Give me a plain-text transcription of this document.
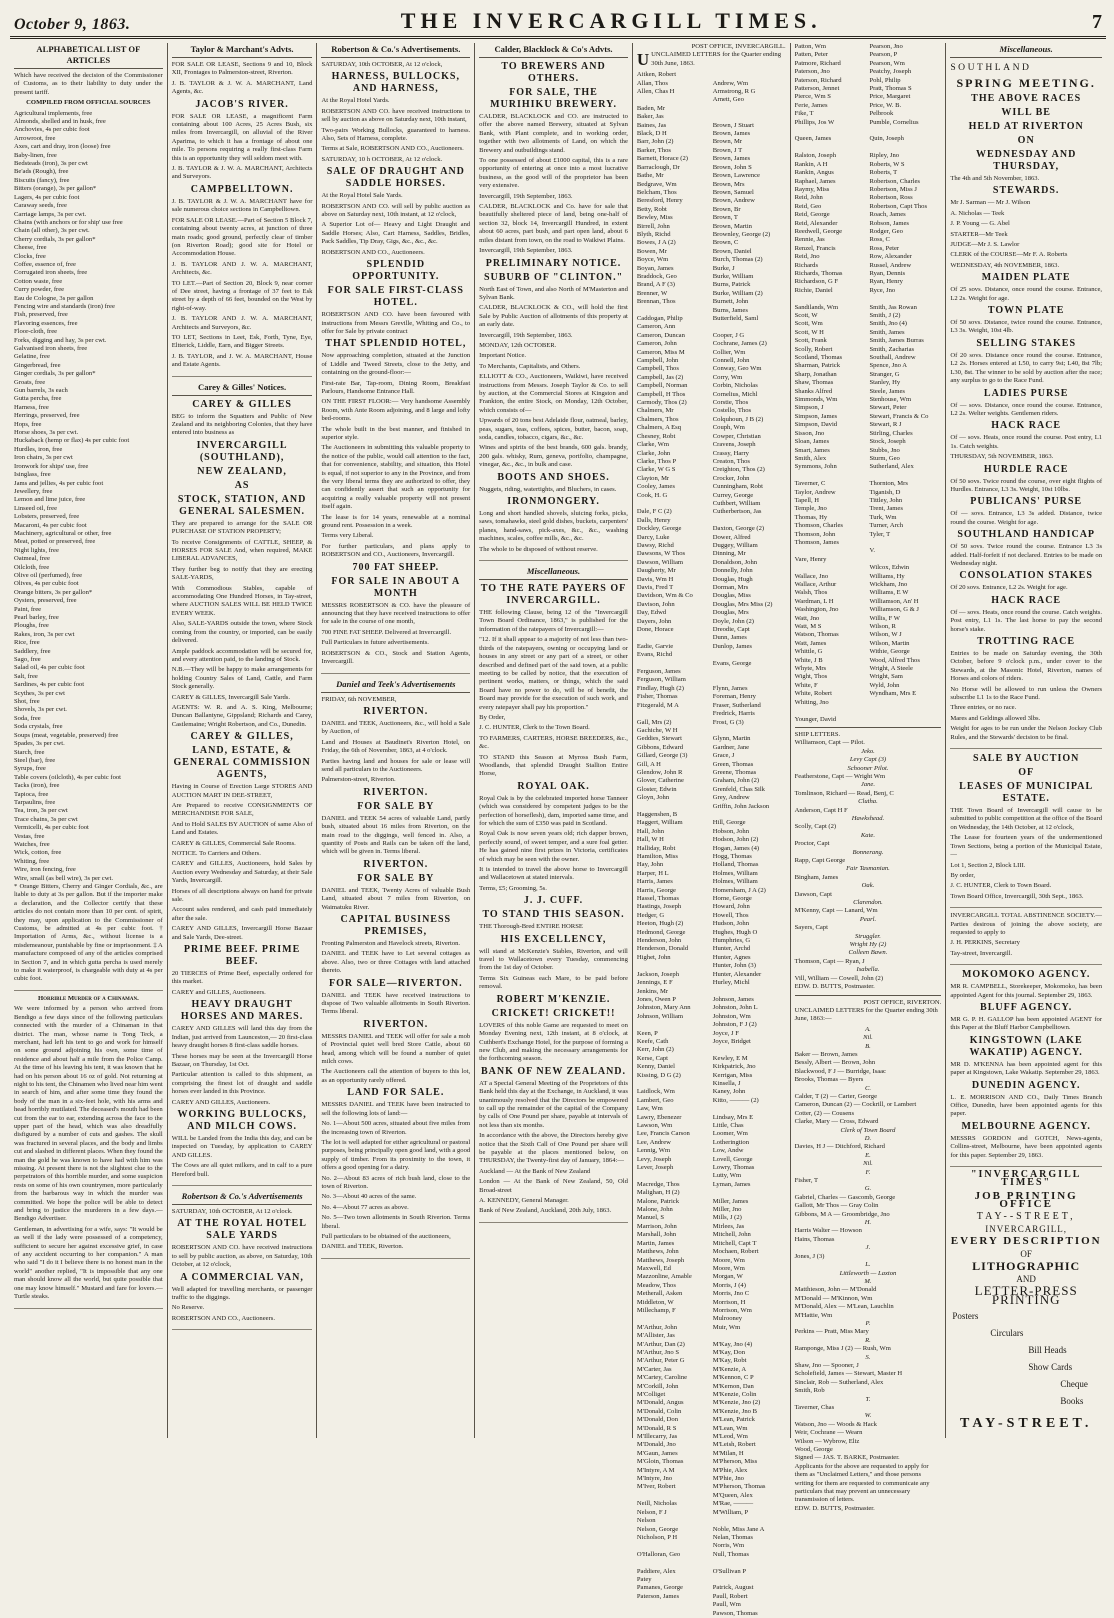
October 9, 1863.	THE INVERCARGILL TIMES.	7
ALPHABETICAL LIST OF ARTICLES

Which have received the decision of the Commissioner of Customs, as to their liability to duty under the present tariff.

COMPILED FROM OFFICIAL SOURCES

Agricultural implements, free

Almonds, shelled and in husk, free

Anchovies, 4s per cubic foot

Arrowroot, free

Axes, cart and dray, iron (loose) free

Baby-linen, free

Bedsteads (iron), 3s per cwt

Be'ads (Rough), free

Biscuits (fancy), free

Bitters (orange), 3s per gallon*

Lagers, 4s per cubic foot

Caraway seeds, free

Carriage lamps, 3s per cwt.

Chains (with anchors or for ship' use free

Chain (all other), 3s per cwt.

Cherry cordials, 3s per gallon*

Cheese, free

Clocks, free

Coffee, essence of, free

Corrugated iron sheets, free

Cotton waste, free

Curry powder, free

Eau de Cologne, 3s per gallon

Fencing wire and standards (iron) free

Fish, preserved, free

Flavoring essences, free

Floor-cloth, free

Forks, digging and hay, 3s per cwt.

Galvanised iron sheets, free

Gelatine, free

Gingerbread, free

Ginger cordials, 3s per gallon*

Groats, free

Gun barrels, 3s each

Gutta percha, free

Harness, free

Herrings, preserved, free

Hops, free

Horse shoes, 3s per cwt.

Huckaback (hemp or flax) 4s per cubic foot

Hurdles, iron, free

Iron chairs, 3s per cwt

Ironwork for ships' use, free

Isinglass, free

Jams and jellies, 4s per cubic foot

Jewellery, free

Lemon and lime juice, free

Linseed oil, free

Lobsters, preserved, free

Macaroni, 4s per cubic foot

Machinery, agricultural or other, free

Meat, potted or preserved, free

Night lights, free

Oatmeal, free

Oilcloth, free

Olive oil (perfumed), free

Olives, 4s per cubic foot

Orange bitters, 3s per gallon*

Oysters, preserved, free

Paint, free

Pearl barley, free

Ploughs, free

Rakes, iron, 3s per cwt

Rice, free

Saddlery, free

Sago, free

Salad oil, 4s per cubic foot

Salt, free

Sardines, 4s per cubic foot

Scythes, 3s per cwt

Shot, free

Shovels, 3s per cwt.

Soda, free

Soda crystals, free

Soups (meat, vegetable, preserved) free

Spades, 3s per cwt.

Starch, free

Steel (bar), free

Syrups, free

Table covers (oilcloth), 4s per cubic foot

Tacks (iron), free

Tapioca, free

Tarpaulins, free

Tea, iron, 3s per cwt

Trace chains, 3s per cwt

Vermicelli, 4s per cubic foot

Vestas, free

Watches, free

Wick, cotton, free

Whiting, free

Wire, iron fencing, free

Wire, small (as bell wire), 3s per cwt.

* Orange Bitters, Cherry and Ginger Cordials, &c., are liable to duty at 3s per gallon. But if the importer make a declaration, and the Collector certify that these articles do not contain more than 10 per cent. of spirit, they may, upon application to the Commissioner of Customs, be admitted at 4s per cubic foot. † Importation of Arms, &c., without license is a misdemeanour, punishable by fine or imprisonment. ‡ A manufacture composed of any of the articles comprised in Section 7, and in which gutta percha is used merely to make it waterproof, is chargeable with duty at 4s per cubic foot.

Horrible Murder of a Chinaman.

We were informed by a person who arrived from Bendigo a few days since of the following particulars connected with the murder of a Chinaman in that district. The man, whose name is Tong Teck, a merchant, had left his tent to go and work for himself on some ground adjoining his own, some time of residence and about half a mile from the Police Camp. At the time of his leaving his tent, it was known that he had on his person about 16 oz of gold. Not returning at night to his tent, the Chinamen who lived near him went in search of him, and after some time they found the body of the man in a six-feet hole, with his arms and head horribly mutilated. The deceased's mouth had been cut from the ear to ear, extending across the face to the upper part of the head, which was also dreadfully disfigured by a number of cuts and gashes. The skull was fractured in several places, and the body and limbs cut and slashed in different places. When they found the man the gold he was known to have had with him was missing. At present there is not the slightest clue to the perpetrators of this horrible murder, and some suspicion rests on some of his own countrymen, more particularly from the barbarous way in which the murder was committed. We hope the police will be able to detect and bring to justice the murderers in a few days.—Bendigo Advertiser.

Gentleman, in advertising for a wife, says: "It would be as well if the lady were possessed of a competency, sufficient to secure her against excessive grief, in case of any accident occurring to her companion." A man who said "I do it I believe there is no honest man in the world" another replied, "It is impossible that any one man should know all the world, but quite possible that one may know himself." Mustard and fare for lovers.—Turtle steaks.

Taylor & Marchant's Advts.

FOR SALE OR LEASE, Sections 9 and 10, Block XII, Frontages to Palmerston-street, Riverton.

J. B. TAYLOR & J. W. A. MARCHANT, Land Agents, &c.

JACOB'S RIVER.

FOR SALE OR LEASE, a magnificent Farm containing about 100 Acres, 25 Acres Bush, six miles from Invercargill, on alluvial of the River Aparima, to which it has a frontage of about one mile. To persons requiring a really first-class Farm this is an opportunity they will seldom meet with.

J. B. TAYLOR & J. W. A. MARCHANT, Architects and Surveyors.

CAMPBELLTOWN.

J. B. TAYLOR & J. W. A. MARCHANT have for sale numerous choice sections in Campbelltown.

FOR SALE OR LEASE.—Part of Section 5 Block 7, containing about twenty acres, at junction of three main roads; good ground, perfectly clear of timber (on Riverton Road); good site for Hotel or Accommodation House.

J. B. TAYLOR AND J. W. A. MARCHANT, Architects, &c.

TO LET.—Part of Section 20, Block 9, near corner of Dee street, having a frontage of 37 feet to Esk street by a depth of 66 feet, bounded on the West by right-of-way.

J. B. TAYLOR AND J. W. A. MARCHANT, Architects and Surveyors, &c.

TO LET, Sections in Leet, Esk, Forth, Tyne, Eye, Eltterick, Liddle, Earn, and Bigger Streets.

J. B. TAYLOR, and J. W. A. MARCHANT, House and Estate Agents.

Carey & Gilles' Notices.

CAREY & GILLES

BEG to inform the Squatters and Public of New Zealand and its neighboring Colonies, that they have entered into business as

INVERCARGILL (SOUTHLAND),

NEW ZEALAND,

AS

STOCK, STATION, AND GENERAL SALESMEN.

They are prepared to arrange for the SALE OR PURCHASE OF STATION PROPERTY;

To receive Consignments of CATTLE, SHEEP, & HORSES FOR SALE And, when required, MAKE LIBERAL ADVANCES,

They further beg to notify that they are erecting SALE-YARDS,

With Commodious Stables, capable of accommodating One Hundred Horses, in Tay-street, where AUCTION SALES WILL BE HELD TWICE EVERY WEEK.

Also, SALE-YARDS outside the town, where Stock coming from the country, or imported, can be easily delivered.

Ample paddock accommodation will be secured for, and every attention paid, to the landing of Stock.

N.B.—They will be happy to make arrangements for holding Country Sales of Land, Cattle, and Farm Stock generally.

CAREY & GILLES, Invercargill Sale Yards.

AGENTS: W. R. and A. S. King, Melbourne; Duncan Ballantyne, Gippsland; Richards and Carey, Castlemaine; Wright Robertson, and Co., Dunedin.

CAREY & GILLES,

LAND, ESTATE, & GENERAL COMMISSION AGENTS,

Having in Course of Erection Large STORES AND AUCTION MART IN DEE-STREET,

Are Prepared to receive CONSIGNMENTS OF MERCHANDISE FOR SALE,

And to Hold SALES BY AUCTION of same Also of Land and Estates.

CAREY & GILLES, Commercial Sale Rooms.

NOTICE. To Carriers and Others.

CAREY and GILLES, Auctioneers, hold Sales by Auction every Wednesday and Saturday, at their Sale Yards, Invercargill.

Horses of all descriptions always on hand for private sale.

Account sales rendered, and cash paid immediately after the sale.

CAREY AND GILLES, Invercargill Horse Bazaar and Sale Yards, Dee-street.

PRIME BEEF. PRIME BEEF.

20 TIERCES of Prime Beef, especially ordered for this market.

CAREY and GILLES, Auctioneers.

HEAVY DRAUGHT HORSES AND MARES.

CAREY AND GILLES will land this day from the Indian, just arrived from Launceston,— 20 first-class heavy draught horses 8 first-class saddle horses.

These horses may be seen at the Invercargill Horse Bazaar, on Thursday, 1st Oct.

Particular attention is called to this shipment, as comprising the finest lot of draught and saddle horses ever landed in this Province.

CAREY AND GILLES, Auctioneers.

WORKING BULLOCKS, AND MILCH COWS.

WILL be Landed from the India this day, and can be inspected on Tuesday, by application to CAREY AND GILLES.

The Cows are all quiet milkers, and in calf to a pure Hereford bull.

Robertson & Co.'s Advertisements

SATURDAY, 10th OCTOBER, At 12 o'clock.

AT THE ROYAL HOTEL SALE YARDS

ROBERTSON AND CO. have received instructions to sell by public auction, as above, on Saturday, 10th October, at 12 o'clock,

A COMMERCIAL VAN,

Well adapted for travelling merchants, or passenger traffic to the diggings.

No Reserve.

ROBERTSON AND CO., Auctioneers.

Robertson & Co.'s Advertisements.

SATURDAY, 10th OCTOBER, At 12 o'clock,

HARNESS, BULLOCKS, AND HARNESS,

At the Royal Hotel Yards.

ROBERTSON AND CO. have received instructions to sell by auction as above on Saturday next, 10th instant,

Two-pairs Working Bullocks, guaranteed to harness. Also, Sets of Harness, complete.

Terms at Sale, ROBERTSON AND CO., Auctioneers.

SATURDAY, 10 h OCTOBER, At 12 o'clock.

SALE OF DRAUGHT AND SADDLE HORSES.

At the Royal Hotel Sale Yards.

ROBERTSON AND CO. will sell by public auction as above on Saturday next, 10th instant, at 12 o'clock,

A Superior Lot of— Heavy and Light Draught and Saddle Horses; Also, Cart Harness, Saddles, Bridles, Pack Saddles, Tip Dray, Gigs, &c., &c., &c.

ROBERTSON AND CO., Auctioneers.

SPLENDID OPPORTUNITY.

FOR SALE FIRST-CLASS HOTEL.

ROBERTSON AND CO. have been favoured with instructions from Messrs Greville, Whiting and Co., to offer for Sale by private contract

THAT SPLENDID HOTEL,

Now approaching completion, situated at the Junction of Liddle and Tweed Streets, close to the Jetty, and containing on the ground-floor:—

First-rate Bar, Tap-room, Dining Room, Breakfast Parlours, Handsome Entrance Hall.

ON THE FIRST FLOOR:— Very handsome Assembly Room, with Ante Room adjoining, and 8 large and lofty bed-rooms.

The whole built in the best manner, and finished in superior style.

The Auctioneers in submitting this valuable property to the notice of the public, would call attention to the fact, that for convenience, stability, and situation, this Hotel is equal, if not superior to any in the Province, and from the very liberal terms they are authorized to offer, they can confidently assert that such an opportunity for acquiring a really valuable property will not present itself again.

The lease is for 14 years, renewable at a nominal ground rent. Possession in a week.

Terms very Liberal.

For further particulars, and plans apply to ROBERTSON and CO., Auctioneers, Invercargill.

700 FAT SHEEP.

FOR SALE IN ABOUT A MONTH

MESSRS ROBERTSON & CO. have the pleasure of announcing that they have received instructions to offer for sale in the course of one month,

700 FINE FAT SHEEP. Delivered at Invercargill.

Full Particulars in future advertisements.

ROBERTSON & CO., Stock and Station Agents, Invercargill.

Daniel and Teek's Advertisements

FRIDAY, 6th NOVEMBER,

RIVERTON.

DANIEL and TEEK, Auctioneers, &c., will hold a Sale by Auction, of

Land and Houses at Baudinet's Riverton Hotel, on Friday, the 6th of November, 1863, at 4 o'clock.

Parties having land and houses for sale or lease will send all particulars to the Auctioneers.

Palmerston-street, Riverton.

RIVERTON.

FOR SALE BY

DANIEL and TEEK 54 acres of valuable Land, partly bush, situated about 16 miles from Riverton, on the main road to the diggings, well fenced in. Also, a quantity of Posts and Rails can be taken off the land, which will be given in. Terms liberal.

RIVERTON.

FOR SALE BY

DANIEL and TEEK, Twenty Acres of valuable Bush Land, situated about 7 miles from Riverton, on Waimatuku River.

CAPITAL BUSINESS PREMISES,

Fronting Palmerston and Havelock streets, Riverton.

DANIEL and TEEK have to Let several cottages as above. Also, two or three Cottages with land attached thereto.

FOR SALE—RIVERTON.

DANIEL and TEEK have received instructions to dispose of Two valuable allotments in South Riverton. Terms liberal.

RIVERTON.

MESSRS DANIEL and TEEK will offer for sale a mob of Provincial quiet well bred Store Cattle, about 60 head, among which will be found a number of quiet milch cows.

The Auctioneers call the attention of buyers to this lot, as an opportunity rarely offered.

LAND FOR SALE.

MESSRS DANIEL and TEEK have been instructed to sell the following lots of land:—

No. 1—About 500 acres, situated about five miles from the increasing town of Riverton.

The lot is well adapted for either agricultural or pastoral purposes, being principally open good land, with a good supply of timber. From its proximity to the town, it offers a good opening for a dairy.

No. 2—About 83 acres of rich bush land, close to the town of Riverton.

No. 3—About 40 acres of the same.

No. 4—About 77 acres as above.

No. 5—Two town allotments in South Riverton. Terms liberal.

Full particulars to be obtained of the auctioneers,

DANIEL and TEEK, Riverton.

Calder, Blacklock & Co's Advts.

TO BREWERS AND OTHERS.

FOR SALE, THE MURIHIKU BREWERY.

CALDER, BLACKLOCK and CO. are instructed to offer the above named Brewery, situated at Sylvan Bank, with Plant complete, and in working order, together with two allotments of Land, on which the Brewery and outbuildings stand.

To one possessed of about £1000 capital, this is a rare opportunity of entering at once into a most lucrative business, as the good will of the proprietor has been very extensive.

Invercargill, 19th September, 1863.

CALDER, BLACKLOCK and Co. have for sale that beautifully sheltered piece of land, being one-half of section 32, block 14, Invercargill Hundred, in extent about 60 acres, part bush, and part open land, about 6 miles distant from town, on the road to Waikiwi Plains.

Invercargill, 19th September, 1863.

PRELIMINARY NOTICE.

SUBURB OF "CLINTON."

North East of Town, and also North of M'Masterton and Sylvan Bank.

CALDER, BLACKLOCK & CO., will hold the first Sale by Public Auction of allotments of this property at an early date.

Invercargill, 19th September, 1863.

MONDAY, 12th OCTOBER.

Important Notice.

To Merchants, Capitalists, and Others.

ELLIOTT & CO., Auctioneers, Waikiwi, have received instructions from Messrs. Joseph Taylor & Co. to sell by auction, at the Commercial Stores at Kingston and Frankton, the entire Stock, on Monday, 12th October, which consists of—

Upwards of 20 tons best Adelaide flour, oatmeal, barley, peas, sugars, teas, coffees, spices, butter, bacon, soap, soda, candles, tobacco, cigars, &c., &c.

Wines and spirits of the best brands, 600 gals. brandy, 200 gals. whisky, Rum, geneva, portfolio, champagne, vinegar, &c., &c., in bulk and case.

BOOTS AND SHOES.

Nuggets, riding, watertights, and Bluchers, in cases.

IRONMONGERY.

Long and short handled shovels, sluicing forks, picks, saws, tomahawks, steel gold dishes, buckets, carpenters' planes, hand-saws, pick-axes, &c., &c., washing machines, scales, coffee mills, &c., &c.

The whole to be disposed of without reserve.

Miscellaneous.

TO THE RATE PAYERS OF INVERCARGILL.

THE following Clause, being 12 of the "Invercargill Town Board Ordinance, 1863," is published for the information of the ratepayers of Invercargill:—

"12. If it shall appear to a majority of not less than two-thirds of the ratepayers, owning or occupying land or houses in any street or any part of a street, or other described and defined part of the said town, at a public meeting to be called by notice, that the execution of pertinent works, matters, or things, which the said Board have no power to do, will be of benefit, the Board may provide for the execution of such work, and every ratepayer shall pay his proportion."

By Order,

J. C. HUNTER, Clerk to the Town Board.

TO FARMERS, CARTERS, HORSE BREEDERS, &c., &c.

TO STAND this Season at Myross Bush Farm, Woodlands, that splendid Draught Stallion Entire Horse,

ROYAL OAK.

Royal Oak is by the celebrated imported horse Tanneer (which was considered by competent judges to be the perfection of horseflesh), dam, imported same time, and for which the sum of £350 was paid in Scotland.

Royal Oak is now seven years old; rich dapper brown, perfectly sound, of sweet temper, and a sure foal getter. He has gained nine first prizes in Victoria, certificates of which may be seen with the owner.

It is intended to travel the above horse to Invercargill and Wallacetown at stated intervals.

Terms, £5; Grooming, 5s.

J. J. CUFF.

TO STAND THIS SEASON.

THE Thorough-Bred ENTIRE HORSE

HIS EXCELLENCY,

will stand at McKenzie's Stables, Riverton, and will travel to Wallacetown every Tuesday, commencing from the 1st day of October.

Terms Six Guineas each Mare, to be paid before removal.

ROBERT M'KENZIE.

CRICKET! CRICKET!!

LOVERS of this noble Game are requested to meet on Monday Evening next, 12th instant, at 8 o'clock, at Cuthbert's Exchange Hotel, for the purpose of forming a new Club, and making the necessary arrangements for the forthcoming season.

BANK OF NEW ZEALAND.

AT a Special General Meeting of the Proprietors of this Bank held this day at the Exchange, in Auckland, it was unanimously resolved that the Directors be empowered to call up the remainder of the capital of the Company by calls of One Pound per share, payable at intervals of not less than six months.

In accordance with the above, the Directors hereby give notice that the Sixth Call of One Pound per share will be payable at the places mentioned below, on THURSDAY, the Twenty-first day of January, 1864:—

Auckland — At the Bank of New Zealand

London — At the Bank of New Zealand, 50, Old Broad-street

A. KENNEDY, General Manager.

Bank of New Zealand, Auckland, 20th July, 1863.

POST OFFICE, INVERCARGILL.

UUNCLAIMED LETTERS for the Quarter ending 30th June, 1863.

Aitken, Robert

Allan, Thos

Allen, Chas H

Baden, Mr

Baker, Jas

Baines, Jas

Black, D H

Barr, John (2)

Barker, Thos

Barnett, Horace (2)

Barraclough, Dr

Bathe, Mr

Bedgrave, Wm

Belcham, Thos

Beresford, Henry

Betty, Robt

Bewley, Miss

Birrell, John

Blyth, Richd

Bowes, J A (2)

Bowen, Mr

Boyce, Wm

Boyan, James

Braddock, Geo

Brand, A F (3)

Brenner, W

Brennan, Thos

Caddogan, Philip

Cameron, Ann

Cameron, Duncan

Cameron, John

Cameron, Miss M

Campbell, John

Campbell, Thos

Campbell, Jas (2)

Campbell, Norman

Campbell, H Thos

Carmody, Thos (2)

Chalmers, Mr

Chalmers, Thos

Chalmers, A Esq

Chesney, Robt

Clarke, Wm

Clarke, John

Clarke, Thos P

Clarke, W G S

Clayton, Mr

Cooley, James

Cook, H. G

Dale, F C (2)

Dalls, Henry

Dockley, George

Darcy, Luke

Dawsy, Richd

Dawsons, W Thos

Dawson, William

Daugherty, Mr

Davis, Wm H

Davis, Fred T

Davidson, Wm & Co

Davison, John

Day, Edwd

Dayers, John

Done, Horace

Eadie, Garvie

Evans, Richd

Ferguson, James

Ferguson, William

Findlay, Hugh (2)

Fisher, Thomas

Fitzgerald, M A

Gall, Mrs (2)

Gachiche, W H

Geddies, Stewart

Gibbons, Edward

Gillard, George (3)

Gill, A H

Glendow, John R

Glover, Catherine

Gloster, Edwin

Gloyn, John

Haggenshen, B

Haggert, William

Hall, John

Hall, W H

Halliday, Robt

Hamilton, Miss

Hay, John

Harper, H L

Harris, James

Harris, George

Hassel, Thomas

Hastings, Joseph

Hedger, G

Heeton, Hugh (2)

Hedmond, George

Henderson, John

Henderson, Donald

Highet, John

Jackson, Joseph

Jennings, E F

Jenkins, Mr

Jones, Owen P

Johnston, Mary Ann

Johnson, William

Keen, P

Keefe, Cath

Kerr, John (2)

Kerse, Capt

Kenny, Daniel

Kissing, D G (2)

Laidlock, Wm

Lambert, Geo

Law, Wm

Lawry, Ebenezer

Lawson, Wm

Lee, Francis Carson

Lee, Andrew

Lennig, Wm

Levy, Joseph

Lever, Joseph

Macredge, Thos

Malighan, H (2)

Malone, Patrick

Malone, John

Manuel, S

Marrison, John

Marshall, John

Martin, James

Matthews, John

Matthews, Joseph

Maxwell, Ed

Mazzonline, Amable

Meadow, Thos

Metherall, Asken

Middleton, W

Millechamp, F

M'Arthur, John

M'Allister, Jas

M'Arthur, Dan (2)

M'Arthur, Jno S

M'Arthur, Peter G

M'Carter, Jas

M'Cartey, Caroline

M'Corkill, John

M'Colliget

M'Donald, Angus

M'Donald, Colin

M'Donald, Don

M'Donald, R S

M'Illecarry, Jas

M'Donald, Jno

M'Gaun, James

M'Gloin, Thomas

M'Intyre, A M

M'Intyre, Jno

M'Iver, Robert

Neill, Nicholas

Nelson, F J

Nelson

Nelson, George

Nicholson, P H

O'Halloran, Geo

Paddiere, Alex

Patey

Pamanes, George

Paterson, James

Andrew, Wm

Armstrong, R G

Arnett, Geo

Brown, J Stuart

Brown, James

Brown, Mr

Brown, J T

Brown, James

Brown, John S

Brown, Lawrence

Brown, Mrs

Brown, Samuel

Brown, Andrew

Brown, Br

Brown, T

Brown, Martin

Brownley, George (2)

Brown, C

Brown, Daniel

Burch, Thomas (2)

Burke, J

Burke, William

Burns, Patrick

Burke, William (2)

Burnett, John

Burns, James

Butterfield, Saml

Cooper, J G

Cochrane, James (2)

Collier, Wm

Connell, John

Conway, Geo Wm

Corry, Wm

Corbin, Nicholas

Cornelius, Michl

Corstie, Thos

Costello, Thos

Colquhoun, J B (2)

Couph, Wm

Cowper, Christian

Cravens, Joseph

Crassy, Harry

Creaton, Thos

Creighton, Thos (2)

Crocker, John

Cunningham, Robt

Currey, George

Cuthbert, William

Cutherbertson, Jas

Daxton, George (2)

Dower, Alfred

Duggey, William

Dinning, Mr

Donaldson, John

Donnelly, John

Douglas, Hugh

Dorman, Mrs

Douglas, Miss

Douglas, Mrs Miss (2)

Douglas, Mrs

Doyle, John (2)

Dreodie, Capt

Dunn, James

Dunlop, James

Evans, George

Flynn, James

Foreman, Henry

Fraser, Sutherland

Fredrick, Harris

Frost, G (3)

Glynn, Martin

Gardner, Jane

Grace, J

Green, Thomas

Greene, Thomas

Graham, John (2)

Grenfeld, Chas Silk

Grey, Andrew

Griffin, John Jackson

Hill, George

Hobson, John

Hodson, John (2)

Hogan, James (4)

Hogg, Thomas

Holland, Thomas

Holmes, William

Holmes, William

Homersham, J A (2)

Horne, George

Howard, John

Howell, Thos

Hudson, John

Hughes, Hugh O

Humphries, G

Hunter, Archd

Hunter, Agnes

Hunter, John (3)

Hunter, Alexander

Hurley, Michl

Johnson, James

Johnston, John L

Johnston, Wm

Johnston, F J (2)

Joyce, J F

Joyce, Bridget

Kewley, E M

Kirkpatrick, Jno

Kerrigan, Miss

Kinsella, J

Kaney, John

Kitto, ——— (2)

Lindsay, Mrs E

Little, Chas

Loomer, Wm

Lotheringtion

Low, Andw

Lovell, George

Lowry, Thomas

Lutty, Wm

Lyman, James

Miller, James

Miller, Jno

Mills, J (2)

Mirlees, Jas

Mitchell, John

Mitchell, Capt T

Mochaen, Robert

Moore, Wm

Moore, Wm

Morgan, W

Morris, J (4)

Morris, Jno C

Morrison, H

Morrison, Wm

Mulrooney

Muir, Wm

M'Kay, Jno (4)

M'Kay, Don

M'Kay, Robt

M'Kenzie, A

M'Kennon, C P

M'Kernon, Dan

M'Kenzie, Colin

M'Kenzie, Jno (2)

M'Kenzie, Jno B

M'Lean, Patrick

M'Lean, Wm

M'Leod, Wm

M'Leish, Robert

M'Milan, H

M'Pherson, Miss

M'Phie, Alex

M'Phie, Jno

M'Pherson, Thomas

M'Queen, Alex

M'Rae, ———

M'William, P

Noble, Miss Jane A

Nelan, Thomas

Norris, Wm

Null, Thomas

O'Sullivan P

Patrick, August

Paull, Robert

Paull, Wm

Pawson, Thomas

Patton, Wm

Patten, Peter

Patmore, Richard

Paterson, Jno

Paterson, Richard

Patterson, Jennet

Pierce, Wm S

Ferie, James

Fike, T

Phillips, Jos W

Queen, James

Ralston, Joseph

Rankin, A H

Rankin, Angus

Raphael, James

Raymy, Miss

Reid, John

Reid, Geo

Reid, George

Reid, Alexander

Reedwell, George

Rennie, Jas

Renzel, Francis

Reid, Jno

Richards

Richards, Thomas

Richardson, G F

Richie, Daniel

Sandilands, Wm

Scott, W

Scott, Wm

Scott, W H

Scott, Frank

Scolly, Robert

Scotland, Thomas

Sharman, Patrick

Sharp, Jonathan

Shaw, Thomas

Shanks Alfred

Simmonds, Wm

Simpson, J

Simpson, James

Simpson, David

Sisson, Jno

Sloan, James

Smart, James

Smith, Alex

Symmons, John

Taverner, C

Taylor, Andrew

Tapell, H

Temple, Jno

Thomas, Hy

Thomson, Charles

Thomson, John

Thomson, James

Vare, Henry

Wallace, Jno

Wallace, Arthur

Walsh, Thos

Wardman, L H

Washington, Jno

Watt, Jno

Watt, M S

Watson, Thomas

Watt, James

Whittle, G

White, J B

Whyte, Mrs

Wight, Thos

White, F

White, Robert

Whiting, Jno

Younger, David

Pearson, Jno

Pearson, P

Pearson, Wm

Peatchy, Joseph

Pohl, Philip

Pratt, Thomas S

Price, Margaret

Price, W. B.

Pelbrook

Pumble, Cornelius

Quin, Joseph

Ripley, Jno

Roberts, W S

Roberts, T

Robertson, Charles

Robertson, Miss J

Robertson, Ross

Robertson, Capt Thos

Roach, James

Robson, James

Rodger, Geo

Ross, C

Ross, Peter

Row, Alexander

Russel, Andrew

Ryan, Dennis

Ryan, Henry

Ryce, Jno

Smith, Jas Rowan

Smith, J (2)

Smith, Jno (4)

Smith, James

Smith, James Burras

Smith, Zacharias

Southall, Andrew

Spence, Jno A

Stranger, G

Stanley, Hy

Steele, James

Stenhouse, Wm

Stewart, Peter

Stewart, Francis & Co

Stewart, R J

Stirling, Charles

Stock, Joseph

Stubbs, Jno

Sturm, Geo

Sutherland, Alex

Thornton, Mrs

Tiganish, D

Tittley, John

Trent, James

Turk, Wm

Turner, Arch

Tyler, T

V.

Wilcox, Edwin

Williams, Hy

Wickham, Jno

Williams, E W

Williamson, An' H

Williamson, G & J

Willis, F W

Wilson, R

Wilson, W J

Wilson, Martin

Withie, George

Wood, Alfred Thos

Wright, A Steele

Wright, Sam

Wyld, John

Wyndham, Mrs E

SHIP LETTERS.

Williamson, Capt — Pilot.

Jeko.

Levy Capt (3)

Schooner Pilot.

Featherstone, Capt — Wright Wm

Jane.

Tomlinson, Richard — Read, Benj, C

Clutha.

Anderson, Capt H F

Hawkshead.

Scolly, Capt (2)

Kate.

Proctor, Capt

Bonnerang.

Rapp, Capt George

Fair Tasmanian.

Bingham, James

Oak.

Dawson, Capt

Clarendon.

M'Kenny, Capt — Lanard, Wm

Pearl.

Sayers, Capt

Struggler.

Wright Hy (2)

Colleen Bawn.

Thomson, Capt — Ryan, J

Isabella.

Vill, William — Cowell, John (2)

EDW. D. BUTTS, Postmaster.

POST OFFICE, RIVERTON.

UNCLAIMED LETTERS for the Quarter ending 30th June, 1863:—

A.

Nil.

B.

Baker — Brown, James

Bessly, Albert — Brown, John

Blackwood, F J — Burridge, Isaac

Brooks, Thomas — Byers

C.

Calder, T (2) — Carter, George

Cameron, Duncan (2) — Cockrill, or Lambert

Cotter, (2) — Cousens

Clarke, Mary — Cross, Edward

Clerk of Town Board

D.

Davies, H J — Ditchford, Richard

E.

Nil.

F.

Fisher, T

G.

Gabriel, Charles — Gascomb, George

Gallott, Mr Thos — Gray Colin

Gibbons, M A — Groombridge, Jno

H.

Harris Walter — Howson

Hains, Thomas

J.

Jones, J (3)

L.

Littleworth — Laxton

M.

Matthieson, John — M'Donald

M'Donald — M'Kinnon, Wm

M'Donald, Alex — M'Lean, Lauchlin

M'Hattie, Wm

P.

Perkins — Pratt, Miss Mary

R.

Ramponge, Miss J (2) — Rush, Wm

S.

Shaw, Jno — Spooner, J

Scholefield, James — Stewart, Master H

Sinclair, Rob — Sutherland, Alex

Smith, Rob

T.

Taverner, Chas

W.

Watson, Jno — Woods & Hack

Weir, Cochrane — Wearn

Wilson — Wybrow, Eliz

Wood, George

Signed — JAS. T. BARKE, Postmaster.

Applicants for the above are requested to apply for them as "Unclaimed Letters," and those persons writing for them are requested to communicate any particulars that may prevent an unnecessary transmission of letters.

EDW. D. BUTTS, Postmaster.

Miscellaneous.

SOUTHLAND

SPRING MEETING.

THE ABOVE RACES

WILL BE

HELD AT RIVERTON

ON

WEDNESDAY AND THURSDAY,

The 4th and 5th November, 1863.

STEWARDS.

Mr J. Sarman — Mr J. Wilson

A. Nicholas — Teek

J. P. Young — G. Abel

STARTER—Mr Teek

JUDGE—Mr J. S. Lawlor

CLERK of the COURSE—Mr F. A. Roberts

WEDNESDAY, 4th NOVEMBER, 1863.

MAIDEN PLATE

Of 25 sovs. Distance, once round the course. Entrance, L2 2s. Weight for age.

TOWN PLATE

Of 50 sovs. Distance, twice round the course. Entrance, L3 3s. Weight, 10st 4lb.

SELLING STAKES

Of 20 sovs. Distance once round the course. Entrance, L2 2s. Horses entered at L50, to carry 9st; L40, 8st 7lb; L30, 8st. The winner to be sold by auction after the race; any surplus to go to the Race Fund.

LADIES PURSE

Of — sovs. Distance, once round the course. Entrance, L2 2s. Welter weights. Gentlemen riders.

HACK RACE

Of — sovs. Heats, once round the course. Post entry, L1 1s. Catch weights.

THURSDAY, 5th NOVEMBER, 1863.

HURDLE RACE

Of 50 sovs. Twice round the course, over eight flights of Hurdles. Entrance, L3 3s. Weight, 10st 10lbs.

PUBLICANS' PURSE

Of — sovs. Entrance, L3 3s added. Distance, twice round the course. Weight for age.

SOUTHLAND HANDICAP

Of 50 sovs. Twice round the course. Entrance L3 3s added. Half-forfeit if not declared. Entries to be made on Wednesday night.

CONSOLATION STAKES

Of 20 sovs. Entrance, L2 2s. Weight for age.

HACK RACE

Of — sovs. Heats, once round the course. Catch weights. Post entry, L1 1s. The last horse to pay the second horse's stake.

TROTTING RACE

Entries to be made on Saturday evening, the 30th October, before 9 o'clock p.m., under cover to the Stewards, at the Masonic Hotel, Riverton, names of Horses and colors of riders.

No Horse will be allowed to run unless the Owners subscribe L1 1s to the Race Fund.

Three entries, or no race.

Mares and Geldings allowed 3lbs.

Weight for ages to be run under the Nelson Jockey Club Rules, and the Stewards' decision to be final.

SALE BY AUCTION

OF

LEASES OF MUNICIPAL ESTATE.

THE Town Board of Invercargill will cause to be submitted to public competition at the office of the Board on Wednesday, the 14th October, at 12 o'clock,

The Lease for fourteen years of the undermentioned Town Sections, being a portion of the Municipal Estate,—

Lot 1, Section 2, Block LIII.

By order,

J. C. HUNTER, Clerk to Town Board.

Town Board Office, Invercargill, 30th Sept., 1863.

INVERCARGILL TOTAL ABSTINENCE SOCIETY.—Parties desirous of joining the above society, are requested to apply to

J. H. PERKINS, Secretary

Tay-street, Invercargill.

MOKOMOKO AGENCY.

MR R. CAMPBELL, Storekeeper, Mokomoko, has been appointed Agent for this journal. September 29, 1863.

BLUFF AGENCY.

MR G. P. H. GALLOP has been appointed AGENT for this Paper at the Bluff Harbor Campbelltown.

KINGSTOWN (LAKE WAKATIP) AGENCY.

MR D. M'KENNA has been appointed agent for this paper at Kingstown, Lake Wakatip. September 29, 1863.

DUNEDIN AGENCY.

L. E. MORRISON AND CO., Daily Times Branch Office, Dunedin, have been appointed agents for this paper.

MELBOURNE AGENCY.

MESSRS GORDON and GOTCH, News-agents, Collins-street, Melbourne, have been appointed agents for this paper. September 29, 1863.

"INVERCARGILL TIMES"

JOB PRINTING OFFICE

TAY--STREET,

INVERCARGILL,

EVERY DESCRIPTION

OF

LITHOGRAPHIC

AND

LETTER-PRESS PRINTING

Posters

Circulars

Bill Heads

Show Cards

Cheque Books

TAY-STREET.
